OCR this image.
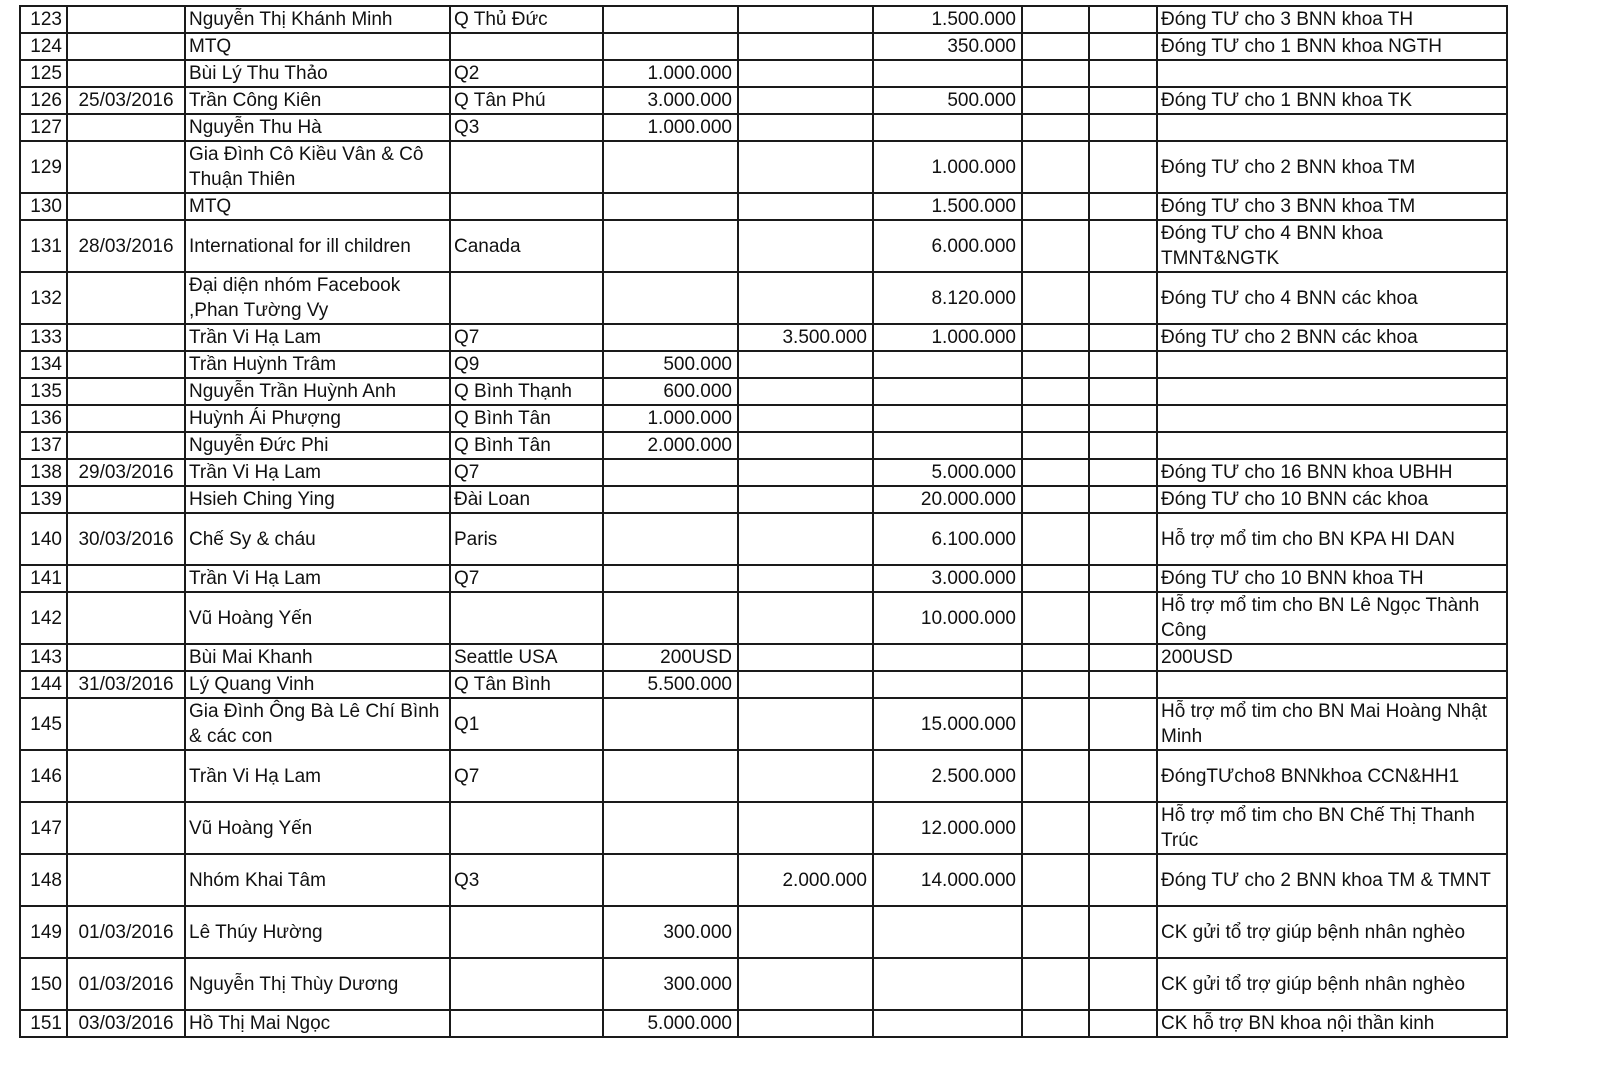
123		Nguyễn Thị Khánh Minh	Q Thủ Đức			1.500.000			Đóng TƯ cho 3 BNN khoa TH
124		MTQ				350.000			Đóng TƯ cho 1 BNN khoa NGTH
125		Bùi Lý Thu Thảo	Q2	1.000.000					
126	25/03/2016	Trần Công Kiên	Q Tân Phú	3.000.000		500.000			Đóng TƯ cho 1 BNN khoa TK
127		Nguyễn Thu Hà	Q3	1.000.000					
129		Gia Đình Cô Kiều Vân & Cô Thuận Thiên				1.000.000			Đóng TƯ cho 2 BNN khoa TM
130		MTQ				1.500.000			Đóng TƯ cho 3 BNN khoa TM
131	28/03/2016	International for ill children	Canada			6.000.000			Đóng TƯ cho 4 BNN khoa TMNT&NGTK
132		Đại diện nhóm Facebook ,Phan Tường Vy				8.120.000			Đóng TƯ cho 4 BNN các khoa
133		Trần Vi Hạ Lam	Q7		3.500.000	1.000.000			Đóng TƯ cho 2 BNN các khoa
134		Trần Huỳnh Trâm	Q9	500.000					
135		Nguyễn Trần Huỳnh Anh	Q Bình Thạnh	600.000					
136		Huỳnh Ái Phượng	Q Bình Tân	1.000.000					
137		Nguyễn Đức Phi	Q Bình Tân	2.000.000					
138	29/03/2016	Trần Vi Hạ Lam	Q7			5.000.000			Đóng TƯ cho 16 BNN khoa UBHH
139		Hsieh Ching Ying	Đài Loan			20.000.000			Đóng TƯ cho 10 BNN các khoa
140	30/03/2016	Chế Sy & cháu	Paris			6.100.000			Hỗ trợ mổ tim cho BN KPA HI DAN
141		Trần Vi Hạ Lam	Q7			3.000.000			Đóng TƯ cho 10 BNN khoa TH
142		Vũ Hoàng Yến				10.000.000			Hỗ trợ mổ tim cho BN Lê Ngọc Thành Công
143		Bùi Mai Khanh	Seattle USA	200USD					200USD
144	31/03/2016	Lý Quang Vinh	Q Tân Bình	5.500.000					
145		Gia Đình Ông Bà Lê Chí Bình & các con	Q1			15.000.000			Hỗ trợ mổ tim cho BN Mai Hoàng Nhật Minh
146		Trần Vi Hạ Lam	Q7			2.500.000			ĐóngTƯcho8 BNNkhoa CCN&HH1
147		Vũ Hoàng Yến				12.000.000			Hỗ trợ mổ tim cho BN Chế Thị Thanh Trúc
148		Nhóm Khai Tâm	Q3		2.000.000	14.000.000			Đóng TƯ cho 2 BNN khoa TM & TMNT
149	01/03/2016	Lê Thúy Hường		300.000					CK gửi tổ trợ giúp bệnh nhân nghèo
150	01/03/2016	Nguyễn Thị Thùy Dương		300.000					CK gửi tổ trợ giúp bệnh nhân nghèo
151	03/03/2016	Hồ Thị Mai Ngọc		5.000.000					CK hỗ trợ BN khoa nội thần kinh
